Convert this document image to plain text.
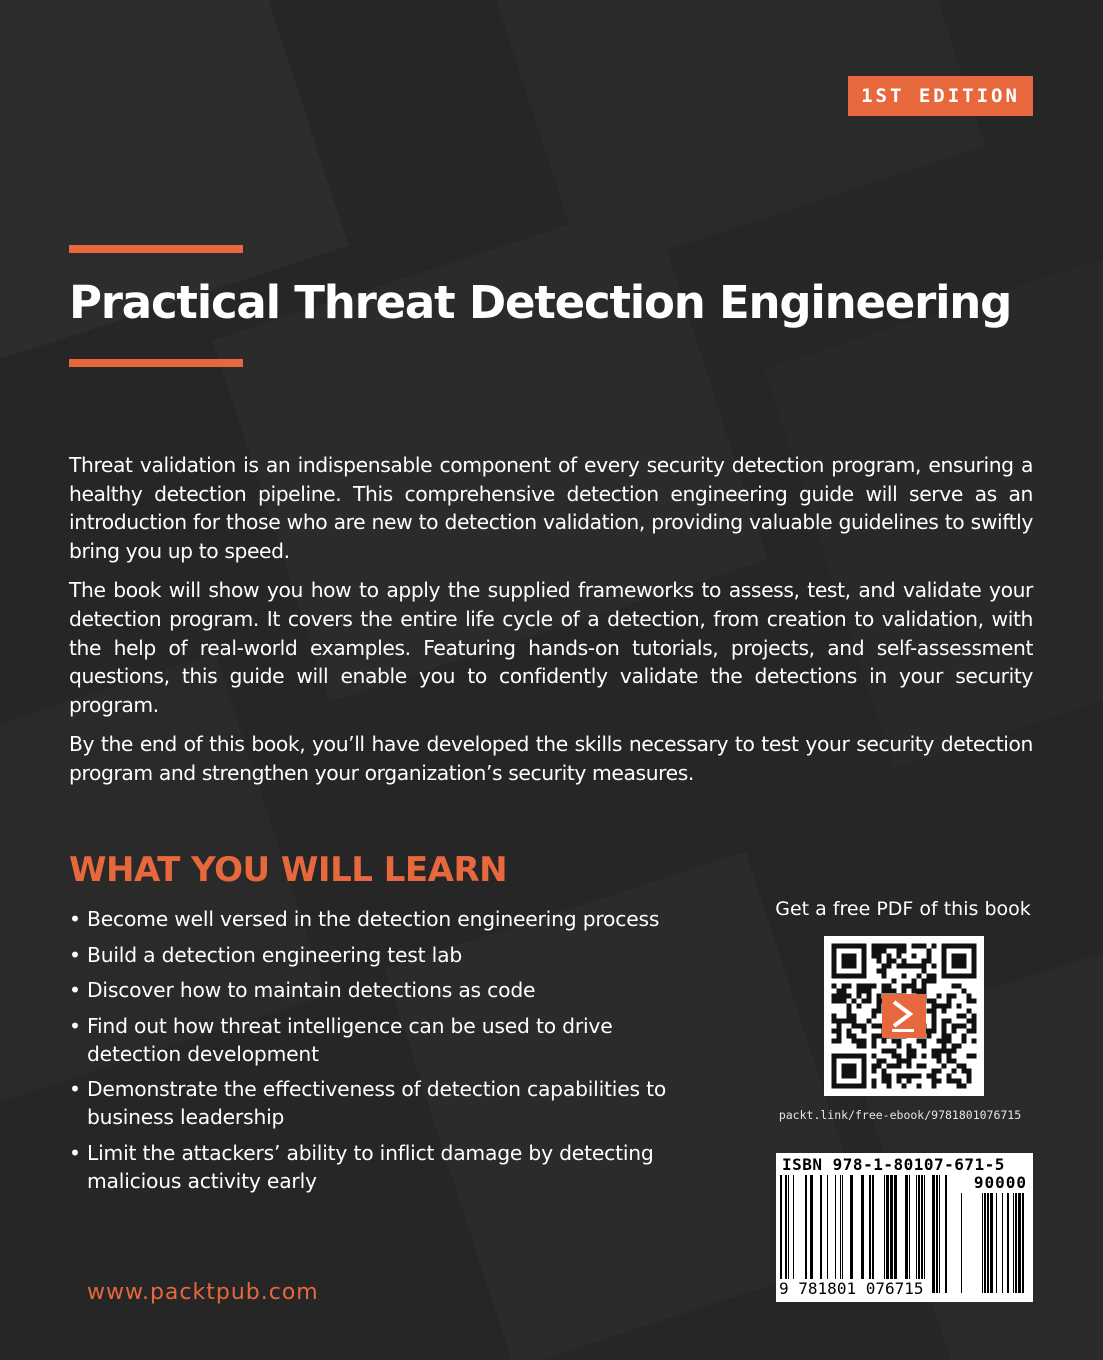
1ST EDITION
Practical Threat Detection Engineering

Threat validation is an indispensable component of every security detection program, ensuring a healthy detection pipeline. This comprehensive detection engineering guide will serve as an introduction for those who are new to detection validation, providing valuable guidelines to swiftly bring you up to speed.

The book will show you how to apply the supplied frameworks to assess, test, and validate your detection program. It covers the entire life cycle of a detection, from creation to validation, with the help of real-world examples. Featuring hands-on tutorials, projects, and self-assessment questions, this guide will enable you to confidently validate the detections in your security program.

By the end of this book, you’ll have developed the skills necessary to test your security detection program and strengthen your organization’s security measures.

WHAT YOU WILL LEARN
• Become well versed in the detection engineering process
• Build a detection engineering test lab
• Discover how to maintain detections as code
• Find out how threat intelligence can be used to drive detection development
• Demonstrate the effectiveness of detection capabilities to business leadership
• Limit the attackers’ ability to inflict damage by detecting malicious activity early
www.packtpub.com
Get a free PDF of this book
packt.link/free-ebook/9781801076715
ISBN 978-1-80107-671-5
90000
9 781801 076715
